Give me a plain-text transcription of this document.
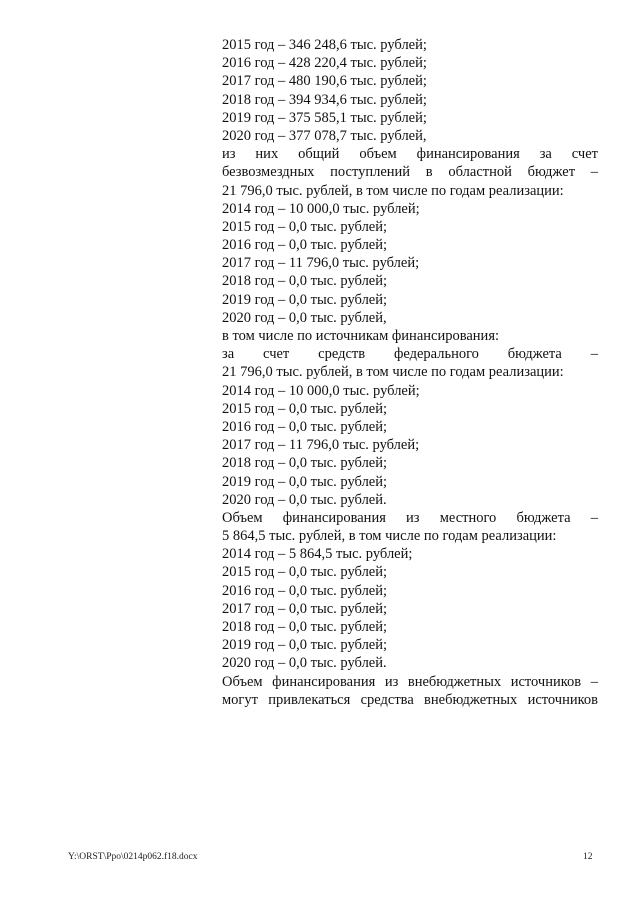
2015 год – 346 248,6 тыс. рублей;
2016 год – 428 220,4 тыс. рублей;
2017 год – 480 190,6 тыс. рублей;
2018 год – 394 934,6 тыс. рублей;
2019 год – 375 585,1 тыс. рублей;
2020 год – 377 078,7 тыс. рублей,
из них общий объем финансирования за счет
безвозмездных поступлений в областной бюджет –
21 796,0 тыс. рублей, в том числе по годам реализации:
2014 год – 10 000,0 тыс. рублей;
2015 год – 0,0 тыс. рублей;
2016 год – 0,0 тыс. рублей;
2017 год – 11 796,0 тыс. рублей;
2018 год – 0,0 тыс. рублей;
2019 год – 0,0 тыс. рублей;
2020 год – 0,0 тыс. рублей,
в том числе по источникам финансирования:
за счет средств федерального бюджета –
21 796,0 тыс. рублей, в том числе по годам реализации:
2014 год – 10 000,0 тыс. рублей;
2015 год – 0,0 тыс. рублей;
2016 год – 0,0 тыс. рублей;
2017 год – 11 796,0 тыс. рублей;
2018 год – 0,0 тыс. рублей;
2019 год – 0,0 тыс. рублей;
2020 год – 0,0 тыс. рублей.
Объем финансирования из местного бюджета –
5 864,5 тыс. рублей, в том числе по годам реализации:
2014 год – 5 864,5 тыс. рублей;
2015 год – 0,0 тыс. рублей;
2016 год – 0,0 тыс. рублей;
2017 год – 0,0 тыс. рублей;
2018 год – 0,0 тыс. рублей;
2019 год – 0,0 тыс. рублей;
2020 год – 0,0 тыс. рублей.
Объем финансирования из внебюджетных источников –
могут привлекаться средства внебюджетных источников
Y:\ORST\Ppo\0214p062.f18.docx	12
